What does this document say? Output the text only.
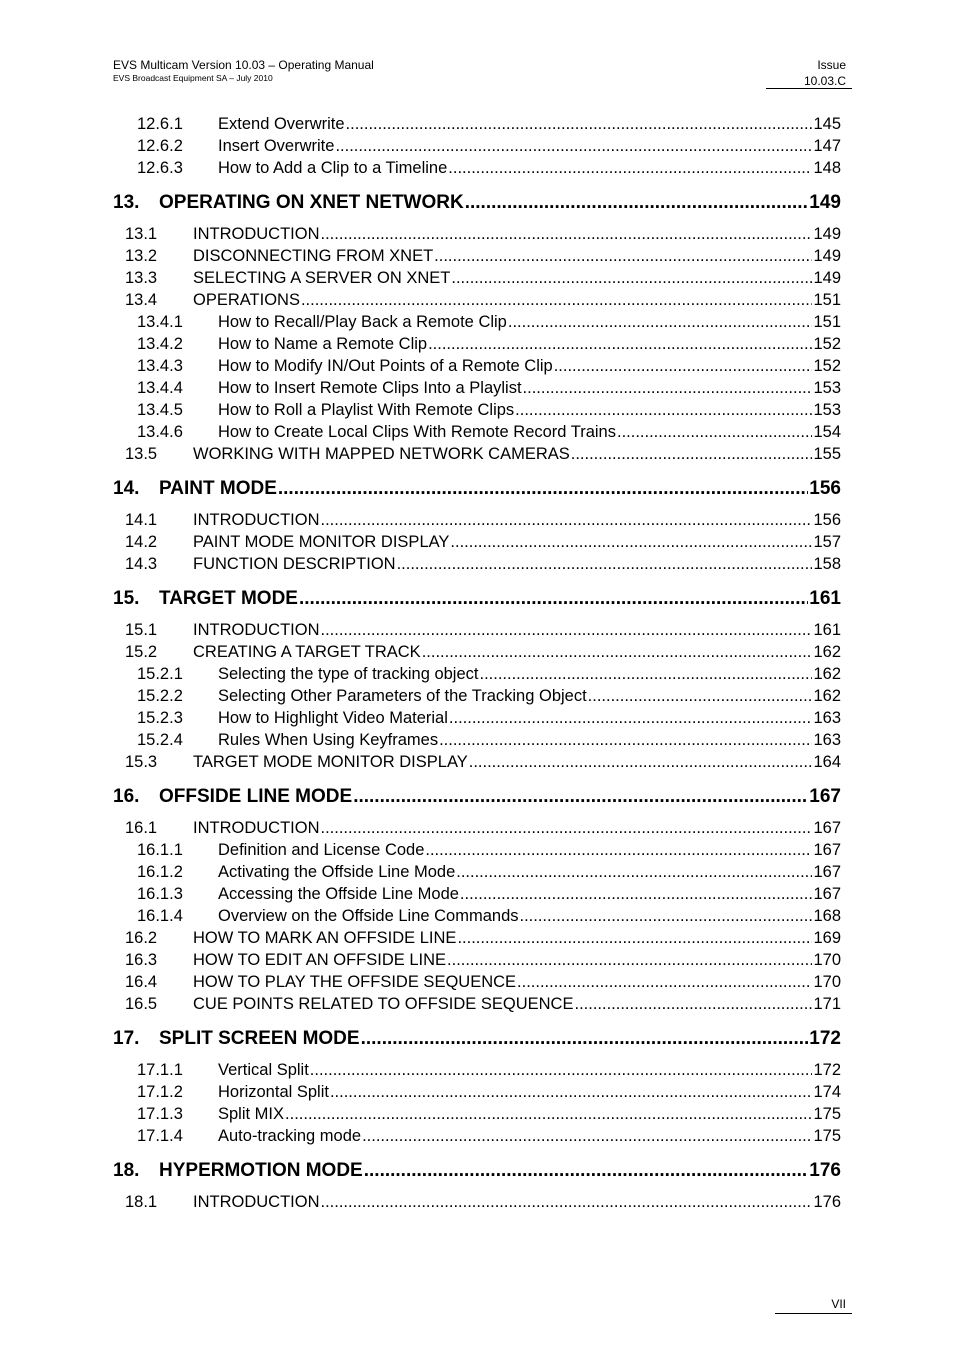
EVS Multicam Version 10.03 – Operating Manual
EVS Broadcast Equipment SA – July 2010
Issue
10.03.C
12.6.1	Extend Overwrite .....	145
12.6.2	Insert Overwrite .....	147
12.6.3	How to Add a Clip to a Timeline .....	148
13.	OPERATING ON XNET NETWORK .....	149
13.1	INTRODUCTION .....	149
13.2	DISCONNECTING FROM XNET .....	149
13.3	SELECTING A SERVER ON XNET .....	149
13.4	OPERATIONS .....	151
13.4.1	How to Recall/Play Back a Remote Clip .....	151
13.4.2	How to Name a Remote Clip .....	152
13.4.3	How to Modify IN/Out Points of a Remote Clip .....	152
13.4.4	How to Insert Remote Clips Into a Playlist .....	153
13.4.5	How to Roll a Playlist With Remote Clips .....	153
13.4.6	How to Create Local Clips With Remote Record Trains .....	154
13.5	WORKING WITH MAPPED NETWORK CAMERAS .....	155
14.	PAINT MODE .....	156
14.1	INTRODUCTION .....	156
14.2	PAINT MODE MONITOR DISPLAY .....	157
14.3	FUNCTION DESCRIPTION .....	158
15.	TARGET MODE .....	161
15.1	INTRODUCTION .....	161
15.2	CREATING A TARGET TRACK .....	162
15.2.1	Selecting the type of tracking object .....	162
15.2.2	Selecting Other Parameters of the Tracking Object .....	162
15.2.3	How to Highlight Video Material .....	163
15.2.4	Rules When Using Keyframes .....	163
15.3	TARGET MODE MONITOR DISPLAY .....	164
16.	OFFSIDE LINE MODE .....	167
16.1	INTRODUCTION .....	167
16.1.1	Definition and License Code .....	167
16.1.2	Activating the Offside Line Mode .....	167
16.1.3	Accessing the Offside Line Mode .....	167
16.1.4	Overview on the Offside Line Commands .....	168
16.2	HOW TO MARK AN OFFSIDE LINE .....	169
16.3	HOW TO EDIT AN OFFSIDE LINE .....	170
16.4	HOW TO PLAY THE OFFSIDE SEQUENCE .....	170
16.5	CUE POINTS RELATED TO OFFSIDE SEQUENCE .....	171
17.	SPLIT SCREEN MODE .....	172
17.1.1	Vertical Split .....	172
17.1.2	Horizontal Split .....	174
17.1.3	Split MIX .....	175
17.1.4	Auto-tracking mode .....	175
18.	HYPERMOTION MODE .....	176
18.1	INTRODUCTION .....	176
VII
